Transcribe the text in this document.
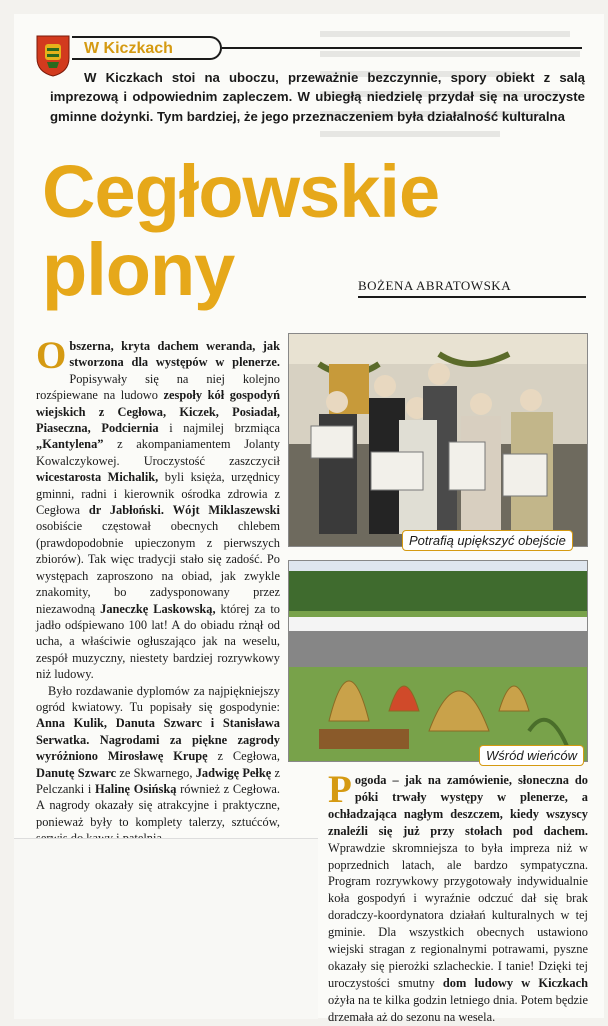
W Kiczkach

W Kiczkach stoi na uboczu, przeważnie bezczynnie, spory obiekt z salą imprezową i odpowiednim zapleczem. W ubiegłą niedzielę przydał się na uroczyste gminne dożynki. Tym bardziej, że jego przeznaczeniem była działalność kulturalna

Cegłowskie
plony	BOŻENA ABRATOWSKA

O bszerna, kryta dachem weranda, jak stworzona dla występów w plenerze. Popisywały się na niej kolejno rozśpiewane na ludowo zespoły kół gospodyń wiejskich z Cegłowa, Kiczek, Posiadał, Piaseczna, Podciernia i najmilej brzmiąca „Kantylena” z akompaniamentem Jolanty Kowalczykowej. Uroczystość zaszczycił wicestarosta Michalik, byli księża, urzędnicy gminni, radni i kierownik ośrodka zdrowia z Cegłowa dr Jabłoński. Wójt Miklaszewski osobiście częstował obecnych chlebem (prawdopodobnie upieczonym z pierwszych zbiorów). Tak więc tradycji stało się zadość. Po występach zaproszono na obiad, jak zwykle znakomity, bo zadysponowany przez niezawodną Janeczkę Laskowską, której za to jadło odśpiewano 100 lat! A do obiadu rżnął od ucha, a właściwie ogłuszająco jak na weselu, zespół muzyczny, niestety bardziej rozrywkowy niż ludowy.

Było rozdawanie dyplomów za najpiękniejszy ogród kwiatowy. Tu popisały się gospodynie: Anna Kulik, Danuta Szwarc i Stanisława Serwatka. Nagrodami za piękne zagrody wyróżniono Mirosławę Krupę z Cegłowa, Danutę Szwarc ze Skwarnego, Jadwigę Pełkę z Pelczanki i Halinę Osińską również z Cegłowa. A nagrody okazały się atrakcyjne i praktyczne, ponieważ były to komplety talerzy, sztućców,

Potrafią upiększyć obejście
Wśród wieńców

P ogoda – jak na zamówienie, słoneczna do póki trwały występy w plenerze, a ochładzająca nagłym deszczem, kiedy wszyscy znaleźli się już przy stołach pod dachem. Wprawdzie skromniejsza to była impreza niż w poprzednich latach, ale bardzo sympatyczna. Program rozrywkowy przygotowały indywidualnie koła gospodyń i wyraźnie odczuć dał się brak doradczy-koordynatora działań kulturalnych w tej gminie. Dla wszystkich obecnych ustawiono wiejski stragan z regionalnymi potrawami, pyszne okazały się pierożki szlacheckie. I tanie! Dzięki tej uroczystości smutny dom ludowy w Kiczkach ożyła na te kilka godzin letniego dnia. Potem będzie drzemała aż do sezonu na wesela.
